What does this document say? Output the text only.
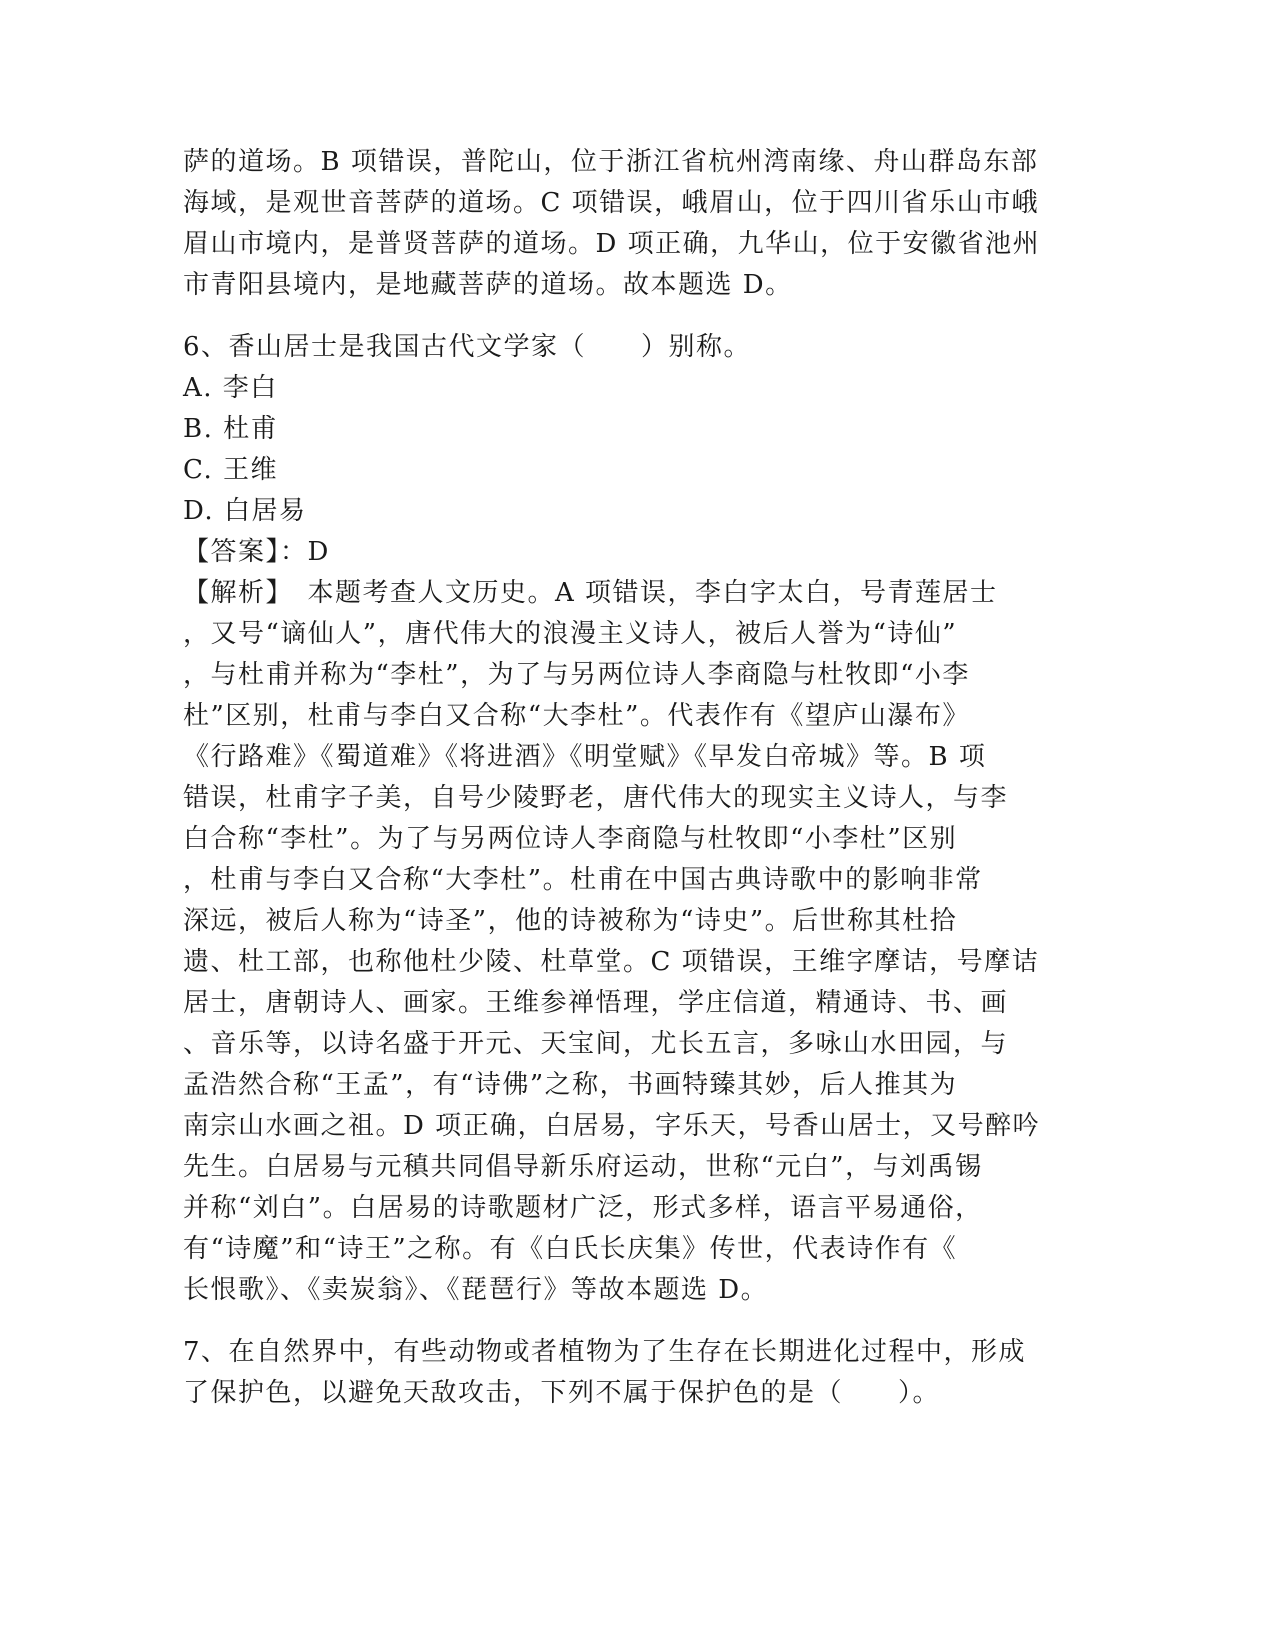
萨的道场。B 项错误，普陀山，位于浙江省杭州湾南缘、舟山群岛东部
海域，是观世音菩萨的道场。C 项错误，峨眉山，位于四川省乐山市峨
眉山市境内，是普贤菩萨的道场。D 项正确，九华山，位于安徽省池州
市青阳县境内，是地藏菩萨的道场。故本题选 D。
6、香山居士是我国古代文学家（　　）别称。
A. 李白
B. 杜甫
C. 王维
D. 白居易
【答案】：D
【解析】　本题考查人文历史。A 项错误，李白字太白，号青莲居士
，又号“谪仙人”，唐代伟大的浪漫主义诗人，被后人誉为“诗仙”
，与杜甫并称为“李杜”，为了与另两位诗人李商隐与杜牧即“小李
杜”区别，杜甫与李白又合称“大李杜”。代表作有《望庐山瀑布》
《行路难》《蜀道难》《将进酒》《明堂赋》《早发白帝城》等。B 项
错误，杜甫字子美，自号少陵野老，唐代伟大的现实主义诗人，与李
白合称“李杜”。为了与另两位诗人李商隐与杜牧即“小李杜”区别
，杜甫与李白又合称“大李杜”。杜甫在中国古典诗歌中的影响非常
深远，被后人称为“诗圣”，他的诗被称为“诗史”。后世称其杜拾
遗、杜工部，也称他杜少陵、杜草堂。C 项错误，王维字摩诘，号摩诘
居士，唐朝诗人、画家。王维参禅悟理，学庄信道，精通诗、书、画
、音乐等，以诗名盛于开元、天宝间，尤长五言，多咏山水田园，与
孟浩然合称“王孟”，有“诗佛”之称，书画特臻其妙，后人推其为
南宗山水画之祖。D 项正确，白居易，字乐天，号香山居士，又号醉吟
先生。白居易与元稹共同倡导新乐府运动，世称“元白”，与刘禹锡
并称“刘白”。白居易的诗歌题材广泛，形式多样，语言平易通俗，
有“诗魔”和“诗王”之称。有《白氏长庆集》传世，代表诗作有《
长恨歌》、《卖炭翁》、《琵琶行》等故本题选 D。
7、在自然界中，有些动物或者植物为了生存在长期进化过程中，形成
了保护色，以避免天敌攻击，下列不属于保护色的是（　　）。
